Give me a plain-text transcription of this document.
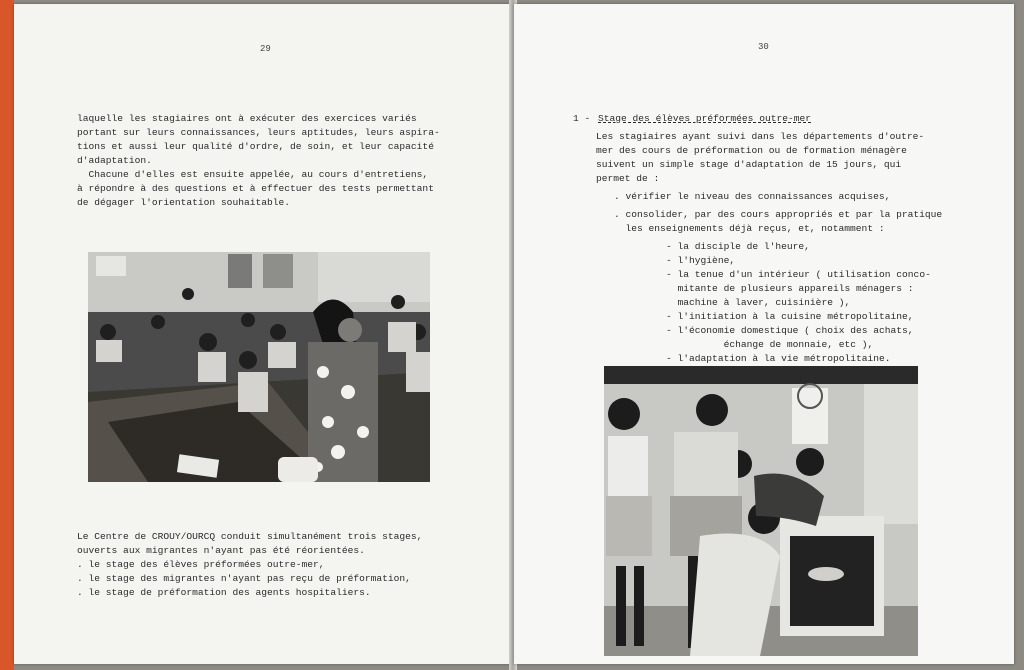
29
laquelle les stagiaires ont à exécuter des exercices variés
portant sur leurs connaissances, leurs aptitudes, leurs aspira-
tions et aussi leur qualité d'ordre, de soin, et leur capacité
d'adaptation.
Chacune d'elles est ensuite appelée, au cours d'entretiens,
à répondre à des questions et à effectuer des tests permettant
de dégager l'orientation souhaitable.
Le Centre de CROUY/OURCQ conduit simultanément trois stages,
ouverts aux migrantes n'ayant pas été réorientées.
. le stage des élèves préformées outre-mer,
. le stage des migrantes n'ayant pas reçu de préformation,
. le stage de préformation des agents hospitaliers.
30
1 - Stage des élèves préformées outre-mer
Les stagiaires ayant suivi dans les départements d'outre-
mer des cours de préformation ou de formation ménagère
suivent un simple stage d'adaptation de 15 jours, qui
permet de :
. vérifier le niveau des connaissances acquises,
. consolider, par des cours appropriés et par la pratique
les enseignements déjà reçus, et, notamment :
- la disciple de l'heure,
- l'hygiène,
- la tenue d'un intérieur ( utilisation conco-
mitante de plusieurs appareils ménagers :
machine à laver, cuisinière ),
- l'initiation à la cuisine métropolitaine,
- l'économie domestique ( choix des achats,
échange de monnaie, etc ),
- l'adaptation à la vie métropolitaine.
